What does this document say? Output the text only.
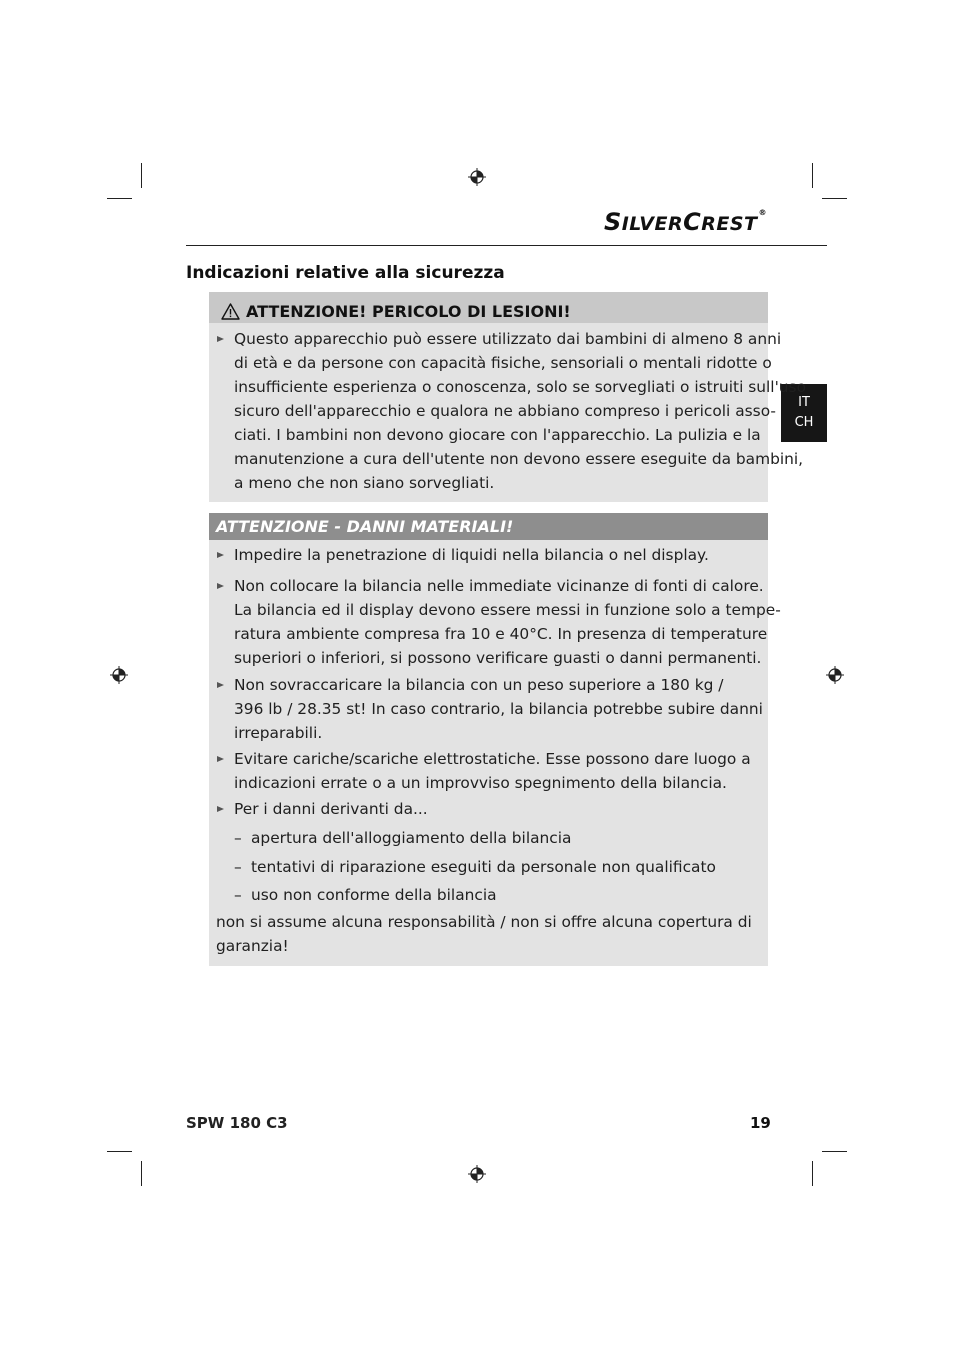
SILVERCREST®
Indicazioni relative alla sicurezza
IT
CH
ATTENZIONE! PERICOLO DI LESIONI!
Questo apparecchio può essere utilizzato dai bambini di almeno 8 anni
di età e da persone con capacità fisiche, sensoriali o mentali ridotte o
insufficiente esperienza o conoscenza, solo se sorvegliati o istruiti sull'uso
sicuro dell'apparecchio e qualora ne abbiano compreso i pericoli asso-
ciati. I bambini non devono giocare con l'apparecchio. La pulizia e la
manutenzione a cura dell'utente non devono essere eseguite da bambini,
a meno che non siano sorvegliati.
ATTENZIONE - DANNI MATERIALI!
Impedire la penetrazione di liquidi nella bilancia o nel display.
Non collocare la bilancia nelle immediate vicinanze di fonti di calore.
La bilancia ed il display devono essere messi in funzione solo a tempe-
ratura ambiente compresa fra 10 e 40°C. In presenza di temperature
superiori o inferiori, si possono verificare guasti o danni permanenti.
Non sovraccaricare la bilancia con un peso superiore a 180 kg /
396 lb / 28.35 st! In caso contrario, la bilancia potrebbe subire danni
irreparabili.
Evitare cariche/scariche elettrostatiche. Esse possono dare luogo a
indicazioni errate o a un improvviso spegnimento della bilancia.
Per i danni derivanti da...
– apertura dell'alloggiamento della bilancia
– tentativi di riparazione eseguiti da personale non qualificato
– uso non conforme della bilancia
non si assume alcuna responsabilità / non si offre alcuna copertura di
garanzia!
SPW 180 C3	19
